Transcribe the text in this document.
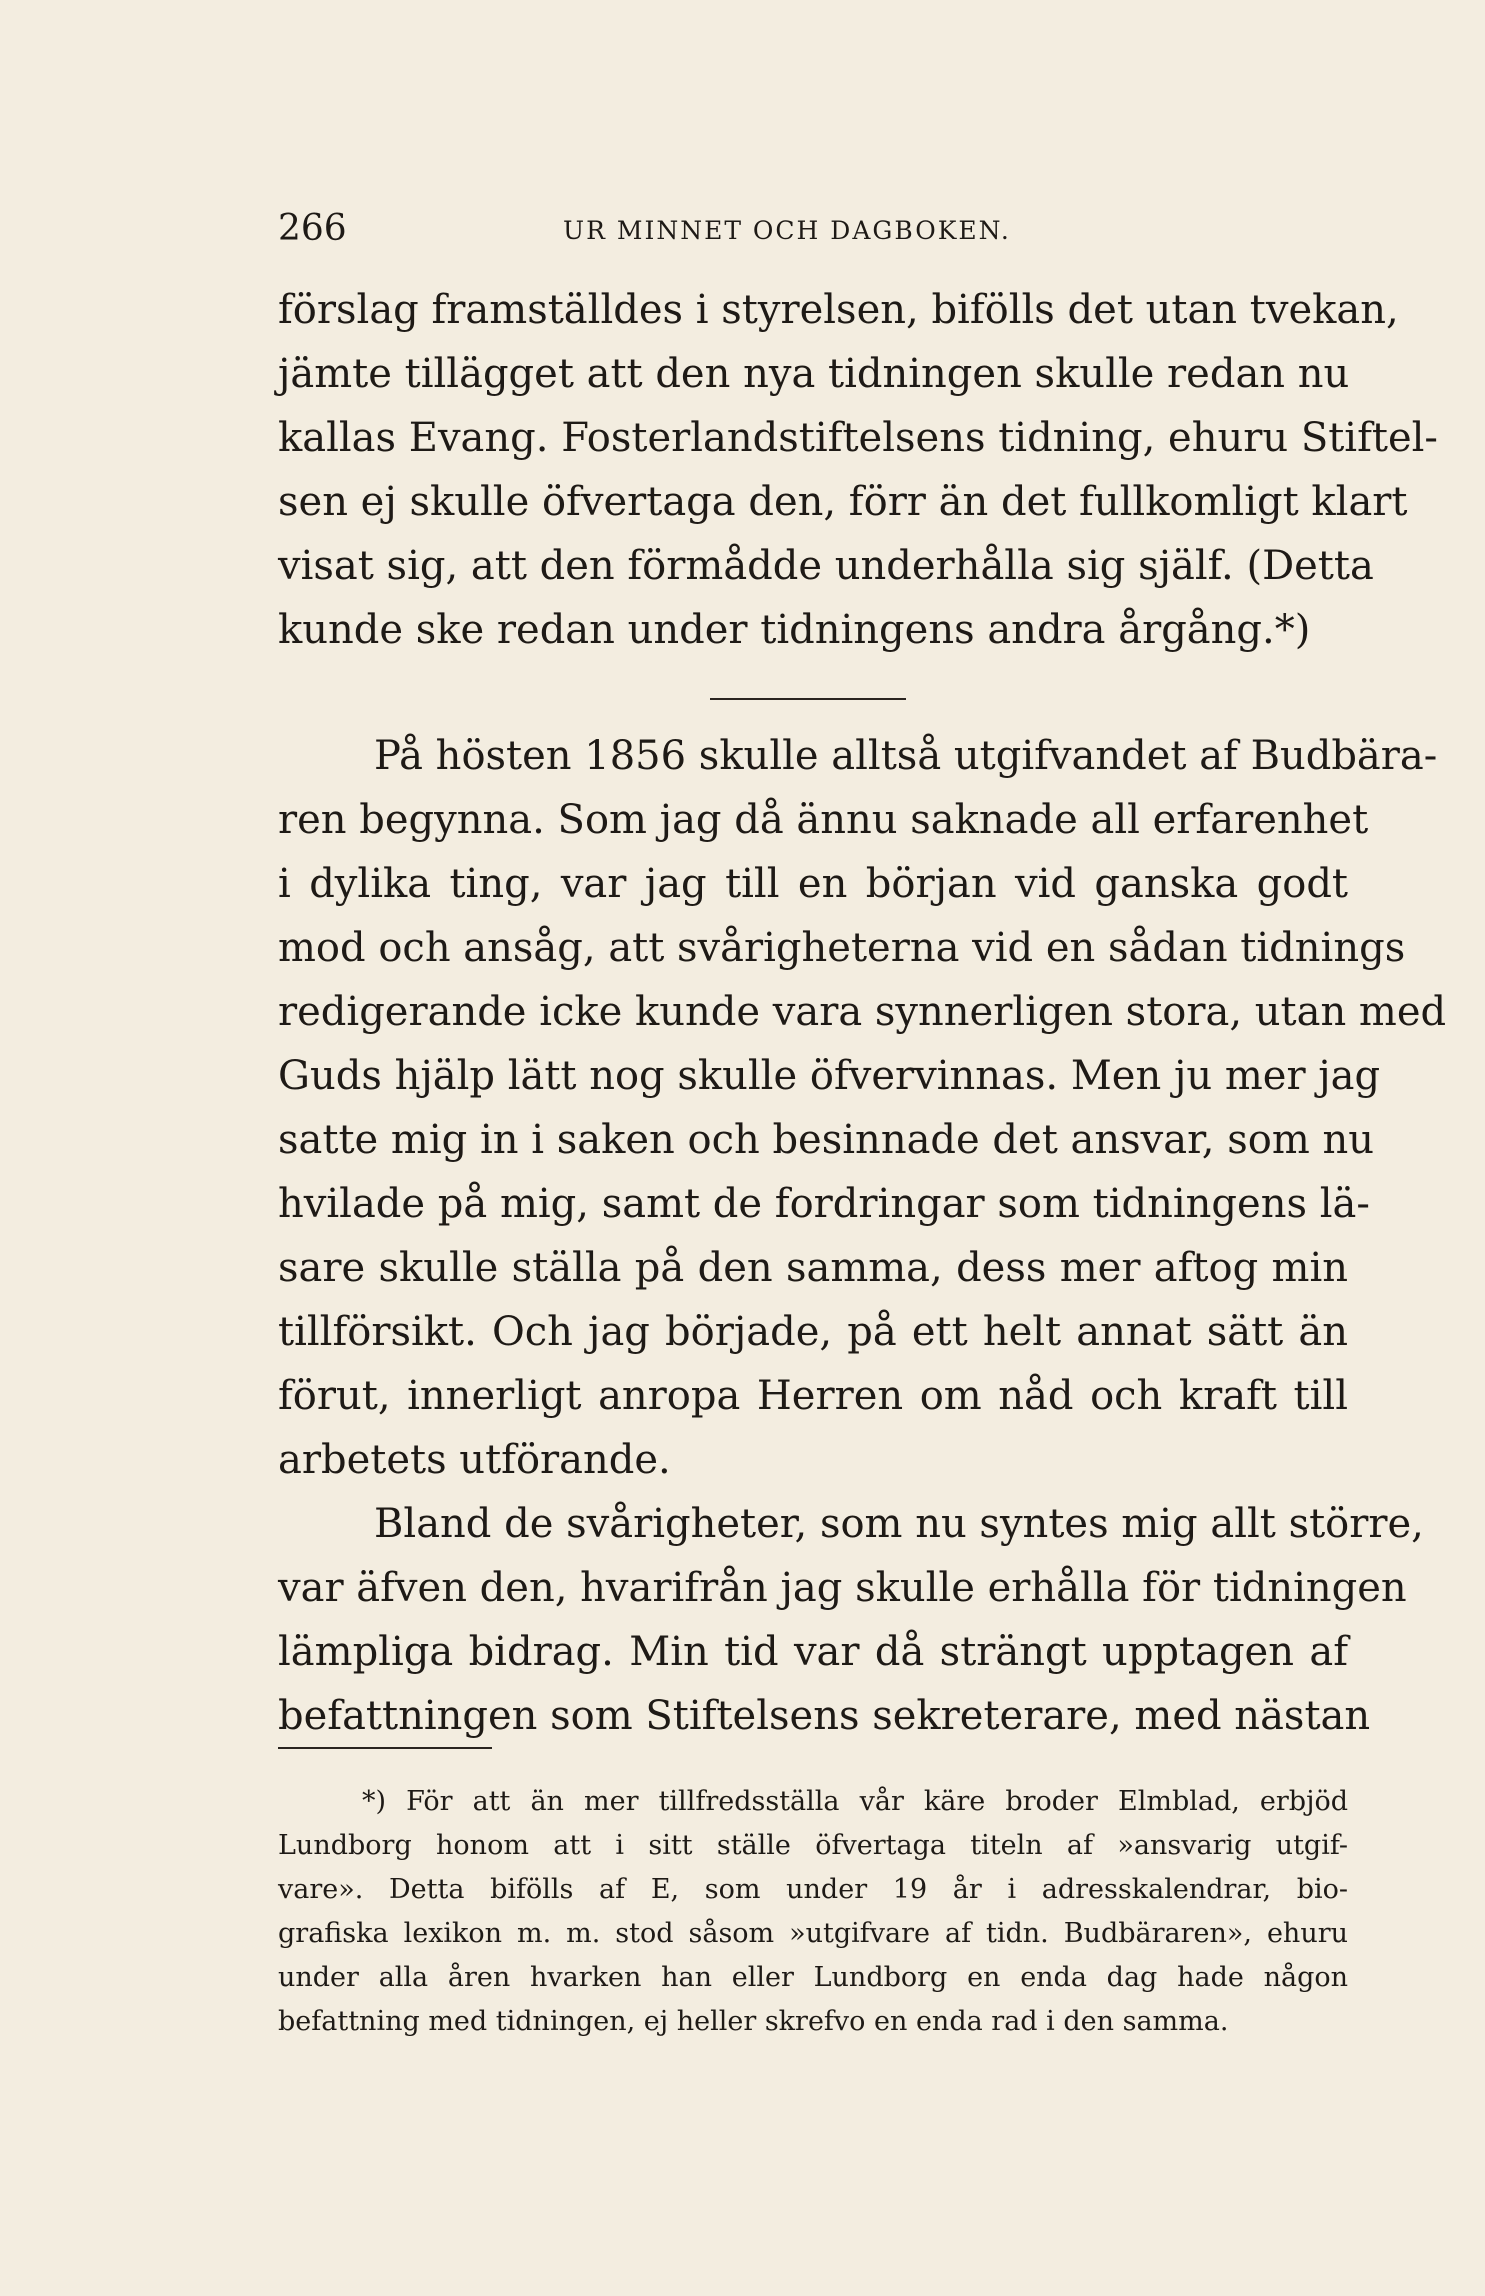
266	UR MINNET OCH DAGBOKEN.
förslag framställdes i styrelsen, bifölls det utan tvekan,
jämte tillägget att den nya tidningen skulle redan nu
kallas Evang. Fosterlandstiftelsens tidning, ehuru Stiftel-
sen ej skulle öfvertaga den, förr än det fullkomligt klart
visat sig, att den förmådde underhålla sig själf. (Detta
kunde ske redan under tidningens andra årgång.*)
På hösten 1856 skulle alltså utgifvandet af Budbära-
ren begynna. Som jag då ännu saknade all erfarenhet
i dylika ting, var jag till en början vid ganska godt
mod och ansåg, att svårigheterna vid en sådan tidnings
redigerande icke kunde vara synnerligen stora, utan med
Guds hjälp lätt nog skulle öfvervinnas. Men ju mer jag
satte mig in i saken och besinnade det ansvar, som nu
hvilade på mig, samt de fordringar som tidningens lä-
sare skulle ställa på den samma, dess mer aftog min
tillförsikt. Och jag började, på ett helt annat sätt än
förut, innerligt anropa Herren om nåd och kraft till
arbetets utförande.
Bland de svårigheter, som nu syntes mig allt större,
var äfven den, hvarifrån jag skulle erhålla för tidningen
lämpliga bidrag. Min tid var då strängt upptagen af
befattningen som Stiftelsens sekreterare, med nästan
*) För att än mer tillfredsställa vår käre broder Elmblad, erbjöd
Lundborg honom att i sitt ställe öfvertaga titeln af »ansvarig utgif-
vare». Detta bifölls af E, som under 19 år i adresskalendrar, bio-
grafiska lexikon m. m. stod såsom »utgifvare af tidn. Budbäraren», ehuru
under alla åren hvarken han eller Lundborg en enda dag hade någon
befattning med tidningen, ej heller skrefvo en enda rad i den samma.
